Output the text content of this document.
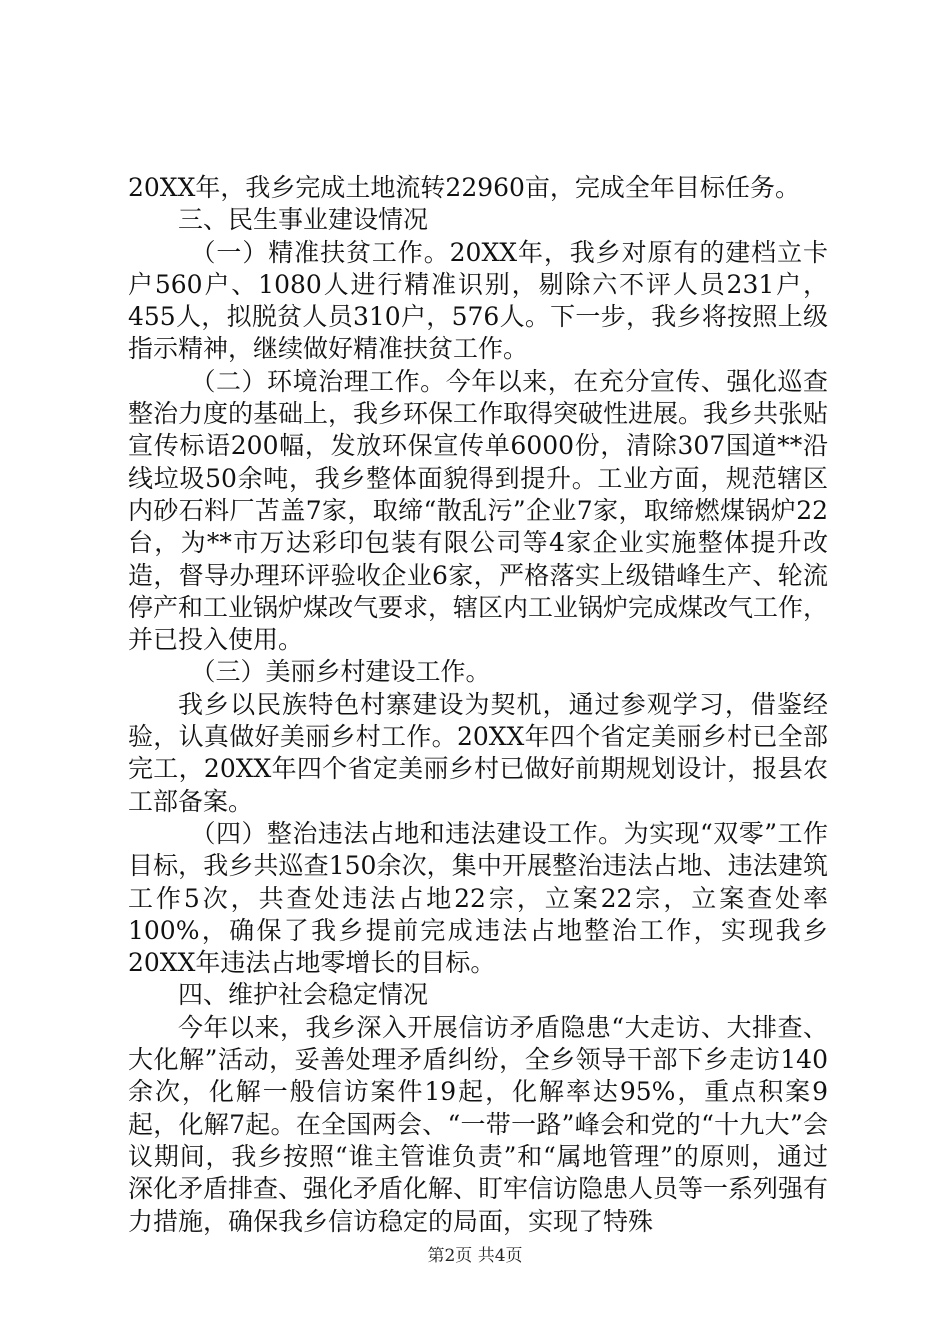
20XX年，我乡完成土地流转22960亩，完成全年目标任务。

三、民生事业建设情况

（一）精准扶贫工作。20XX年，我乡对原有的建档立卡户560户、1080人进行精准识别，剔除六不评人员231户，455人，拟脱贫人员310户，576人。下一步，我乡将按照上级指示精神，继续做好精准扶贫工作。

（二）环境治理工作。今年以来，在充分宣传、强化巡查整治力度的基础上，我乡环保工作取得突破性进展。我乡共张贴宣传标语200幅，发放环保宣传单6000份，清除307国道**沿线垃圾50余吨，我乡整体面貌得到提升。工业方面，规范辖区内砂石料厂苫盖7家，取缔“散乱污”企业7家，取缔燃煤锅炉22台，为**市万达彩印包装有限公司等4家企业实施整体提升改造，督导办理环评验收企业6家，严格落实上级错峰生产、轮流停产和工业锅炉煤改气要求，辖区内工业锅炉完成煤改气工作，并已投入使用。

（三）美丽乡村建设工作。

我乡以民族特色村寨建设为契机，通过参观学习，借鉴经验，认真做好美丽乡村工作。20XX年四个省定美丽乡村已全部完工，20XX年四个省定美丽乡村已做好前期规划设计，报县农工部备案。

（四）整治违法占地和违法建设工作。为实现“双零”工作目标，我乡共巡查150余次，集中开展整治违法占地、违法建筑工作5次，共查处违法占地22宗，立案22宗，立案查处率100%，确保了我乡提前完成违法占地整治工作，实现我乡20XX年违法占地零增长的目标。

四、维护社会稳定情况

今年以来，我乡深入开展信访矛盾隐患“大走访、大排查、大化解”活动，妥善处理矛盾纠纷，全乡领导干部下乡走访140余次，化解一般信访案件19起，化解率达95%，重点积案9起，化解7起。在全国两会、“一带一路”峰会和党的“十九大”会议期间，我乡按照“谁主管谁负责”和“属地管理”的原则，通过深化矛盾排查、强化矛盾化解、盯牢信访隐患人员等一系列强有力措施，确保我乡信访稳定的局面，实现了特殊

第2页 共4页
